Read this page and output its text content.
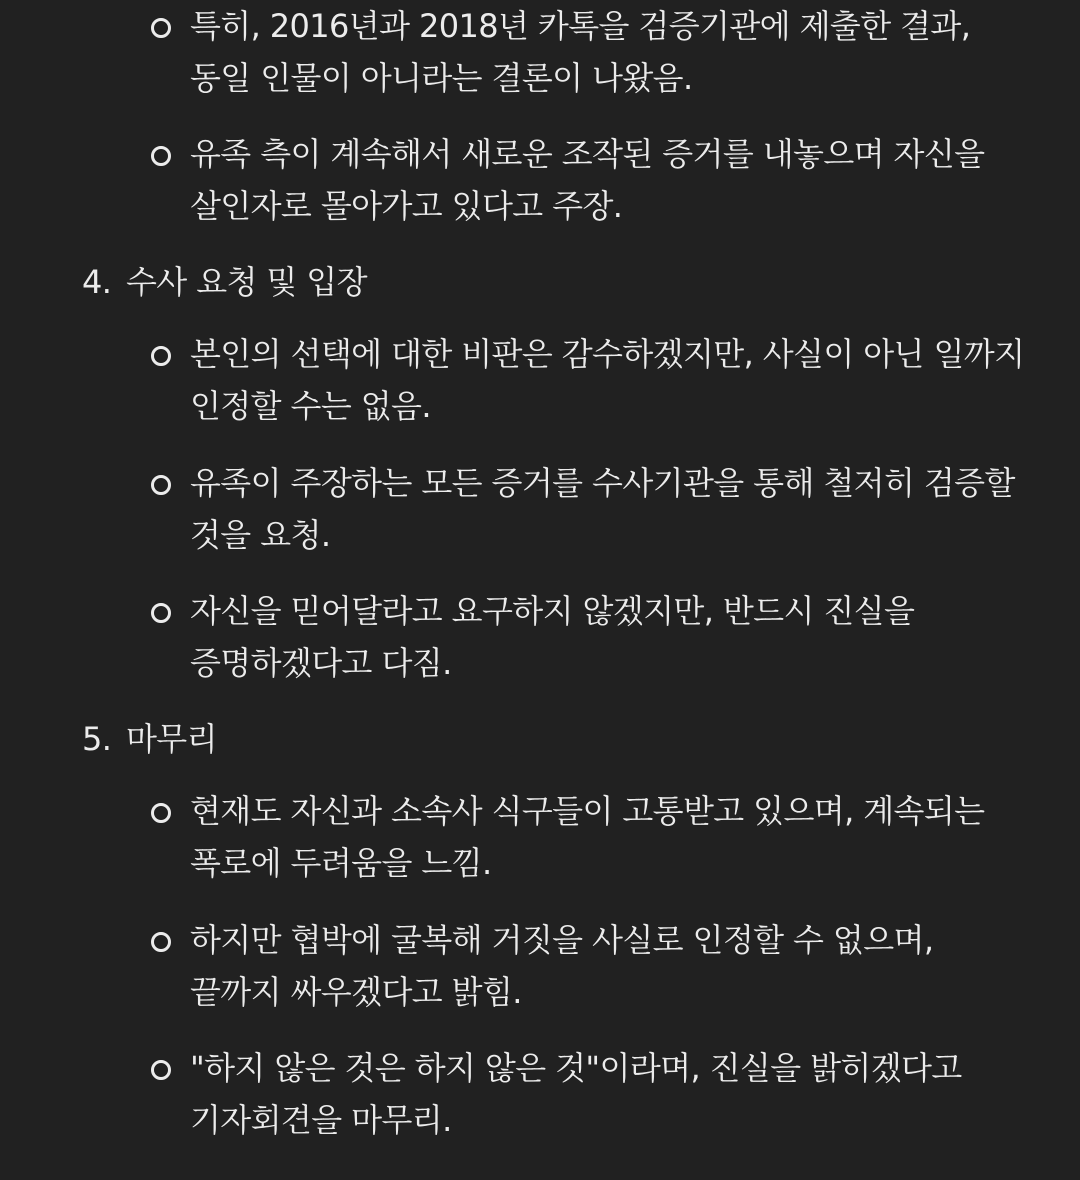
특히, 2016년과 2018년 카톡을 검증기관에 제출한 결과,
동일 인물이 아니라는 결론이 나왔음.

유족 측이 계속해서 새로운 조작된 증거를 내놓으며 자신을
살인자로 몰아가고 있다고 주장.

4. 수사 요청 및 입장

본인의 선택에 대한 비판은 감수하겠지만, 사실이 아닌 일까지
인정할 수는 없음.

유족이 주장하는 모든 증거를 수사기관을 통해 철저히 검증할
것을 요청.

자신을 믿어달라고 요구하지 않겠지만, 반드시 진실을
증명하겠다고 다짐.

5. 마무리

현재도 자신과 소속사 식구들이 고통받고 있으며, 계속되는
폭로에 두려움을 느낌.

하지만 협박에 굴복해 거짓을 사실로 인정할 수 없으며,
끝까지 싸우겠다고 밝힘.

"하지 않은 것은 하지 않은 것"이라며, 진실을 밝히겠다고
기자회견을 마무리.
